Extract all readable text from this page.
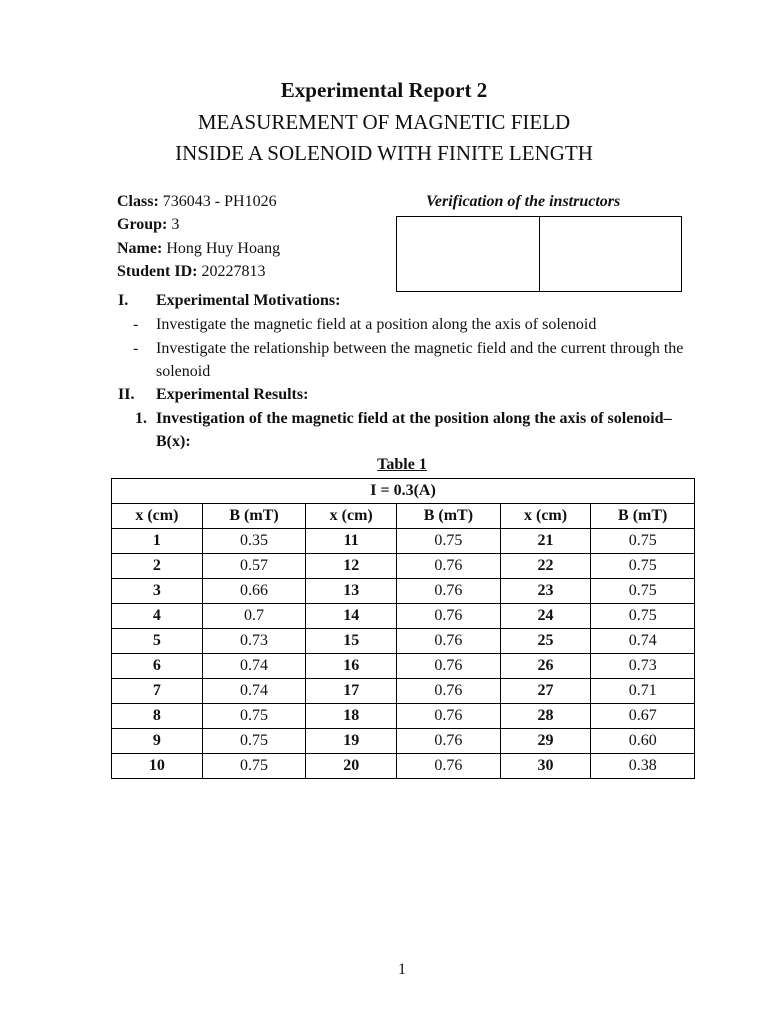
Experimental Report 2
MEASUREMENT OF MAGNETIC FIELD
INSIDE A SOLENOID WITH FINITE LENGTH
Class: 736043 - PH1026
Group: 3
Name: Hong Huy Hoang
Student ID: 20227813
Verification of the instructors
I. Experimental Motivations:
- Investigate the magnetic field at a position along the axis of solenoid
- Investigate the relationship between the magnetic field and the current through the solenoid
II. Experimental Results:
1. Investigation of the magnetic field at the position along the axis of solenoid– B(x):
Table 1
I = 0.3(A)					
x (cm)	B (mT)	x (cm)	B (mT)	x (cm)	B (mT)
1	0.35	11	0.75	21	0.75
2	0.57	12	0.76	22	0.75
3	0.66	13	0.76	23	0.75
4	0.7	14	0.76	24	0.75
5	0.73	15	0.76	25	0.74
6	0.74	16	0.76	26	0.73
7	0.74	17	0.76	27	0.71
8	0.75	18	0.76	28	0.67
9	0.75	19	0.76	29	0.60
10	0.75	20	0.76	30	0.38
1
